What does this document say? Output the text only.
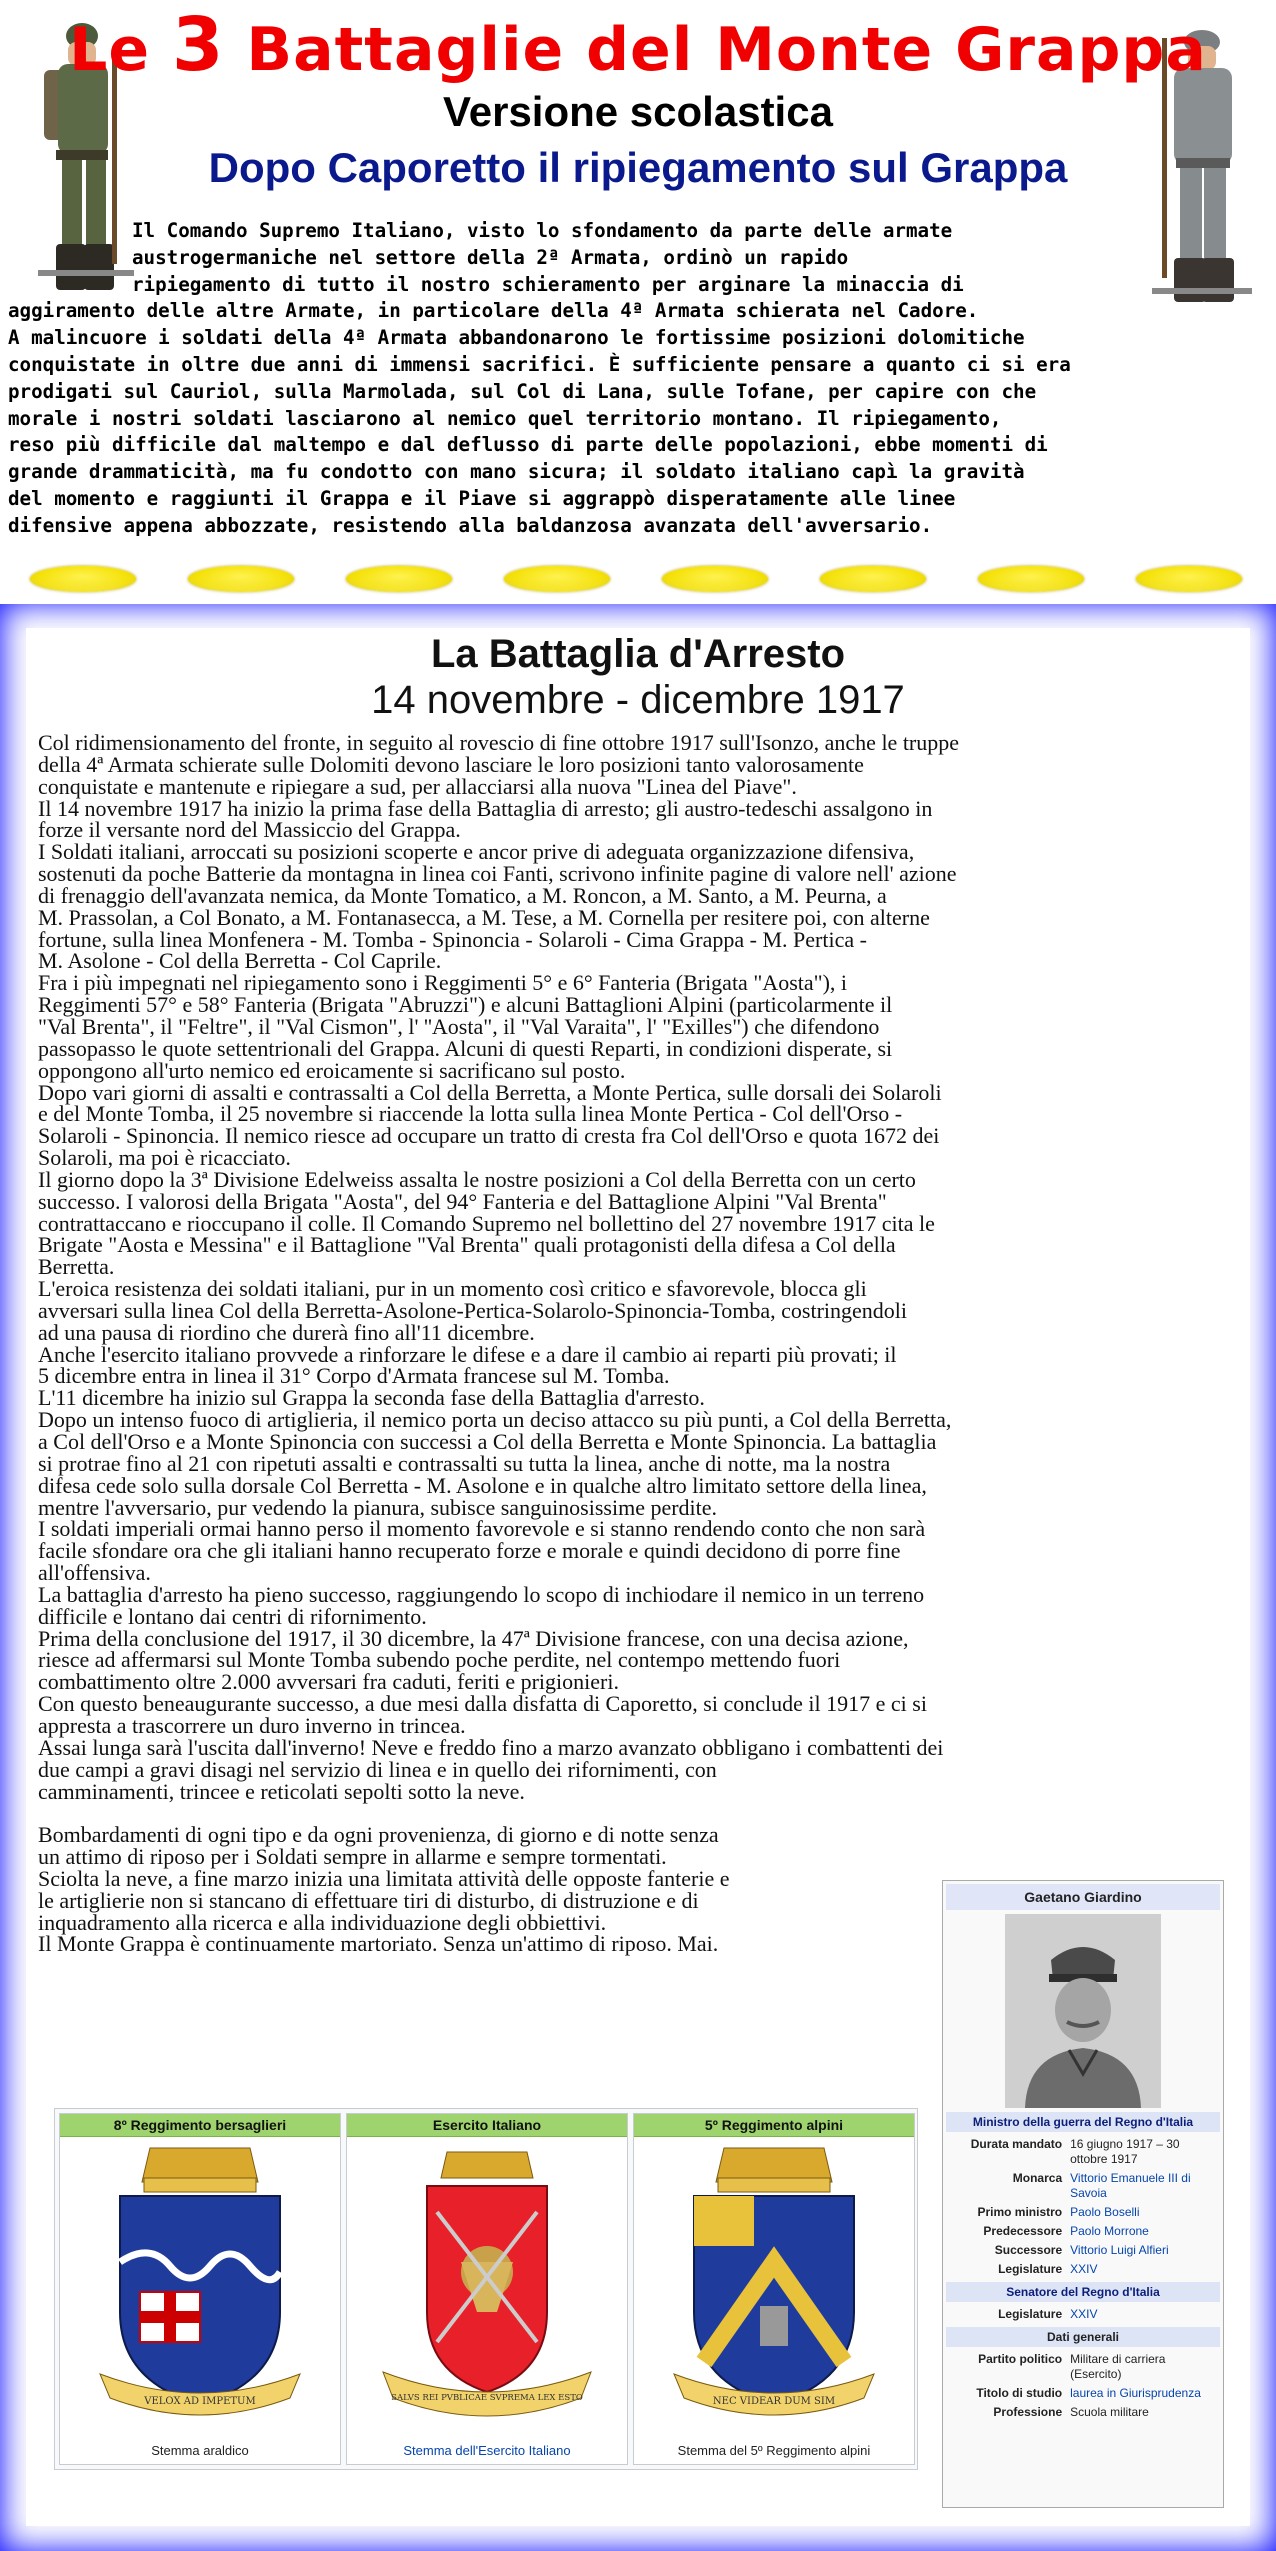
Le 3 Battaglie del Monte Grappa
Versione scolastica
Dopo Caporetto il ripiegamento sul Grappa
Il Comando Supremo Italiano, visto lo sfondamento da parte delle armate
austrogermaniche nel settore della 2ª Armata, ordinò un rapido
ripiegamento di tutto il nostro schieramento per arginare la minaccia di
aggiramento delle altre Armate, in particolare della 4ª Armata schierata nel Cadore.
A malincuore i soldati della 4ª Armata abbandonarono le fortissime posizioni dolomitiche
conquistate in oltre due anni di immensi sacrifici. È sufficiente pensare a quanto ci si era
prodigati sul Cauriol, sulla Marmolada, sul Col di Lana, sulle Tofane, per capire con che
morale i nostri soldati lasciarono al nemico quel territorio montano. Il ripiegamento,
reso più difficile dal maltempo e dal deflusso di parte delle popolazioni, ebbe momenti di
grande drammaticità, ma fu condotto con mano sicura; il soldato italiano capì la gravità
del momento e raggiunti il Grappa e il Piave si aggrappò disperatamente alle linee
difensive appena abbozzate, resistendo alla baldanzosa avanzata dell'avversario.
La Battaglia d'Arresto
14 novembre - dicembre 1917
Col ridimensionamento del fronte, in seguito al rovescio di fine ottobre 1917 sull'Isonzo, anche le truppe
della 4ª Armata schierate sulle Dolomiti devono lasciare le loro posizioni tanto valorosamente
conquistate e mantenute e ripiegare a sud, per allacciarsi alla nuova "Linea del Piave".
Il 14 novembre 1917 ha inizio la prima fase della Battaglia di arresto; gli austro-tedeschi assalgono in
forze il versante nord del Massiccio del Grappa.
I Soldati italiani, arroccati su posizioni scoperte e ancor prive di adeguata organizzazione difensiva,
sostenuti da poche Batterie da montagna in linea coi Fanti, scrivono infinite pagine di valore nell' azione
di frenaggio dell'avanzata nemica, da Monte Tomatico, a M. Roncon, a M. Santo, a M. Peurna, a
M. Prassolan, a Col Bonato, a M. Fontanasecca, a M. Tese, a M. Cornella per resitere poi, con alterne
fortune, sulla linea Monfenera - M. Tomba - Spinoncia - Solaroli - Cima Grappa - M. Pertica -
M. Asolone - Col della Berretta - Col Caprile.
Fra i più impegnati nel ripiegamento sono i Reggimenti 5° e 6° Fanteria (Brigata "Aosta"), i
Reggimenti 57° e 58° Fanteria (Brigata "Abruzzi") e alcuni Battaglioni Alpini (particolarmente il
"Val Brenta", il "Feltre", il "Val Cismon", l' ''Aosta", il "Val Varaita", l' "Exilles") che difendono
passopasso le quote settentrionali del Grappa. Alcuni di questi Reparti, in condizioni disperate, si
oppongono all'urto nemico ed eroicamente si sacrificano sul posto.
Dopo vari giorni di assalti e contrassalti a Col della Berretta, a Monte Pertica, sulle dorsali dei Solaroli
e del Monte Tomba, il 25 novembre si riaccende la lotta sulla linea Monte Pertica - Col dell'Orso -
Solaroli - Spinoncia. Il nemico riesce ad occupare un tratto di cresta fra Col dell'Orso e quota 1672 dei
Solaroli, ma poi è ricacciato.
Il giorno dopo la 3ª Divisione Edelweiss assalta le nostre posizioni a Col della Berretta con un certo
successo. I valorosi della Brigata "Aosta", del 94° Fanteria e del Battaglione Alpini "Val Brenta"
contrattaccano e rioccupano il colle. Il Comando Supremo nel bollettino del 27 novembre 1917 cita le
Brigate "Aosta e Messina" e il Battaglione "Val Brenta" quali protagonisti della difesa a Col della
Berretta.
L'eroica resistenza dei soldati italiani, pur in un momento così critico e sfavorevole, blocca gli
avversari sulla linea Col della Berretta-Asolone-Pertica-Solarolo-Spinoncia-Tomba, costringendoli
ad una pausa di riordino che durerà fino all'11 dicembre.
Anche l'esercito italiano provvede a rinforzare le difese e a dare il cambio ai reparti più provati; il
5 dicembre entra in linea il 31° Corpo d'Armata francese sul M. Tomba.
L'11 dicembre ha inizio sul Grappa la seconda fase della Battaglia d'arresto.
Dopo un intenso fuoco di artiglieria, il nemico porta un deciso attacco su più punti, a Col della Berretta,
a Col dell'Orso e a Monte Spinoncia con successi a Col della Berretta e Monte Spinoncia. La battaglia
si protrae fino al 21 con ripetuti assalti e contrassalti su tutta la linea, anche di notte, ma la nostra
difesa cede solo sulla dorsale Col Berretta - M. Asolone e in qualche altro limitato settore della linea,
mentre l'avversario, pur vedendo la pianura, subisce sanguinosissime perdite.
I soldati imperiali ormai hanno perso il momento favorevole e si stanno rendendo conto che non sarà
facile sfondare ora che gli italiani hanno recuperato forze e morale e quindi decidono di porre fine
all'offensiva.
La battaglia d'arresto ha pieno successo, raggiungendo lo scopo di inchiodare il nemico in un terreno
difficile e lontano dai centri di rifornimento.
Prima della conclusione del 1917, il 30 dicembre, la 47ª Divisione francese, con una decisa azione,
riesce ad affermarsi sul Monte Tomba subendo poche perdite, nel contempo mettendo fuori
combattimento oltre 2.000 avversari fra caduti, feriti e prigionieri.
Con questo beneaugurante successo, a due mesi dalla disfatta di Caporetto, si conclude il 1917 e ci si
appresta a trascorrere un duro inverno in trincea.
Assai lunga sarà l'uscita dall'inverno! Neve e freddo fino a marzo avanzato obbligano i combattenti dei
due campi a gravi disagi nel servizio di linea e in quello dei rifornimenti, con
camminamenti, trincee e reticolati sepolti sotto la neve.

Bombardamenti di ogni tipo e da ogni provenienza, di giorno e di notte senza
un attimo di riposo per i Soldati sempre in allarme e sempre tormentati.
Sciolta la neve, a fine marzo inizia una limitata attività delle opposte fanterie e
le artiglierie non si stancano di effettuare tiri di disturbo, di distruzione e di
inquadramento alla ricerca e alla individuazione degli obbiettivi.
Il Monte Grappa è continuamente martoriato. Senza un'attimo di riposo. Mai.
Gaetano Giardino
Ministro della guerra del Regno d'Italia
Durata mandato 16 giugno 1917 – 30 ottobre 1917
Monarca Vittorio Emanuele III di Savoia
Primo ministro Paolo Boselli
Predecessore Paolo Morrone
Successore Vittorio Luigi Alfieri
Legislature XXIV
Senatore del Regno d'Italia
Legislature XXIV
Dati generali
Partito politico Militare di carriera (Esercito)
Titolo di studio laurea in Giurisprudenza
Professione Scuola militare
8º Reggimento bersaglieri
VELOX AD IMPETUM
Stemma araldico
Esercito Italiano
SALVS REI PVBLICAE SVPREMA LEX ESTO
Stemma dell'Esercito Italiano
5º Reggimento alpini
NEC VIDEAR DUM SIM
Stemma del 5º Reggimento alpini
